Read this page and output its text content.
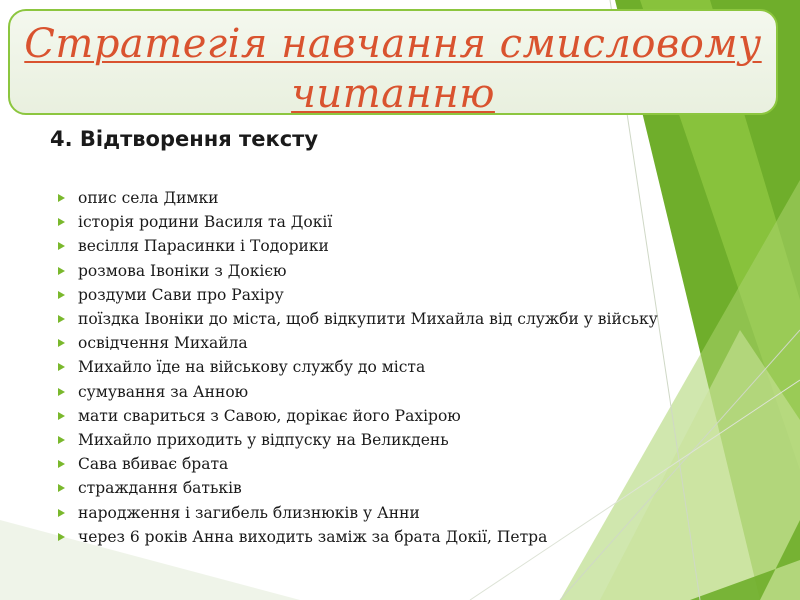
Стратегія навчання смисловому
читанню
4. Відтворення тексту
опис села Димки
історія родини Василя та Докії
весілля Парасинки і Тодорики
розмова Івоніки з Докією
роздуми Сави про Рахіру
поїздка Івоніки до міста, щоб відкупити Михайла від служби у війську
освідчення Михайла
Михайло їде на військову службу до міста
сумування за Анною
мати свариться з Савою, дорікає його Рахірою
Михайло приходить у відпуску на Великдень
Сава вбиває брата
страждання батьків
народження і загибель близнюків у Анни
через 6 років Анна виходить заміж за брата Докії, Петра
